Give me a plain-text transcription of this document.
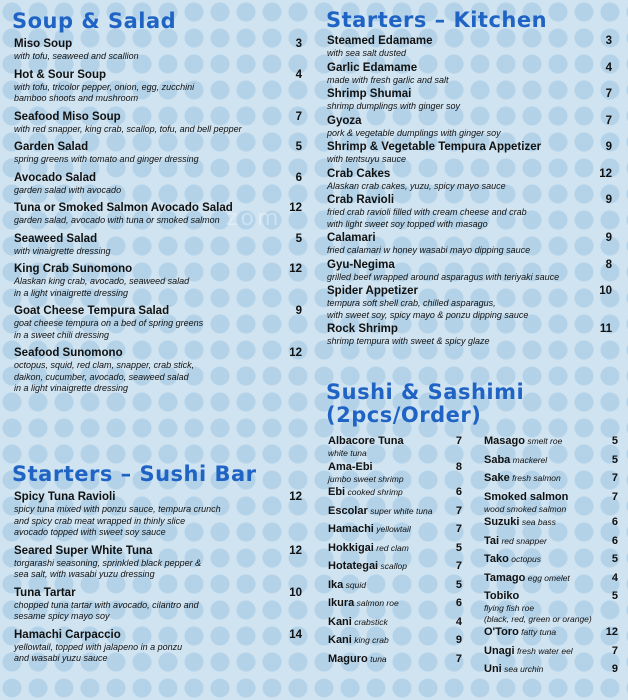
zom
Soup & Salad
Miso Soup	3
with tofu, seaweed and scallion
Hot & Sour Soup	4
with tofu, tricolor pepper, onion, egg, zucchini
bamboo shoots and mushroom
Seafood Miso Soup	7
with red snapper, king crab, scallop, tofu, and bell pepper
Garden Salad	5
spring greens with tomato and ginger dressing
Avocado Salad	6
garden salad with avocado
Tuna or Smoked Salmon Avocado Salad	12
garden salad, avocado with tuna or smoked salmon
Seaweed Salad	5
with vinaigrette dressing
King Crab Sunomono	12
Alaskan king crab, avocado, seaweed salad
in a light vinaigrette dressing
Goat Cheese Tempura Salad	9
goat cheese tempura on a bed of spring greens
in a sweet chili dressing
Seafood Sunomono	12
octopus, squid, red clam, snapper, crab stick,
daikon, cucumber, avocado, seaweed salad
in a light vinaigrette dressing
Starters – Sushi Bar
Spicy Tuna Ravioli	12
spicy tuna mixed with ponzu sauce, tempura crunch
and spicy crab meat wrapped in thinly slice
avocado topped with sweet soy sauce
Seared Super White Tuna	12
torgarashi seasoning, sprinkled black pepper &
sea salt, with wasabi yuzu dressing
Tuna Tartar	10
chopped tuna tartar with avocado, cilantro and
sesame spicy mayo soy
Hamachi Carpaccio	14
yellowtail, topped with jalapeno in a ponzu
and wasabi yuzu sauce
Starters – Kitchen
Steamed Edamame	3
with sea salt dusted
Garlic Edamame	4
made with fresh garlic and salt
Shrimp Shumai	7
shrimp dumplings with ginger soy
Gyoza	7
pork & vegetable dumplings with ginger soy
Shrimp & Vegetable Tempura Appetizer	9
with tentsuyu sauce
Crab Cakes	12
Alaskan crab cakes, yuzu, spicy mayo sauce
Crab Ravioli	9
fried crab ravioli filled with cream cheese and crab
with light sweet soy topped with masago
Calamari	9
fried calamari w honey wasabi mayo dipping sauce
Gyu-Negima	8
grilled beef wrapped around asparagus with teriyaki sauce
Spider Appetizer	10
tempura soft shell crab, chilled asparagus,
with sweet soy, spicy mayo & ponzu dipping sauce
Rock Shrimp	11
shrimp tempura with sweet & spicy glaze
Sushi & Sashimi
(2pcs/Order)
Albacore Tuna	7
white tuna
Ama-Ebi	8
jumbo sweet shrimp
Ebi cooked shrimp	6
Escolar super white tuna	7
Hamachi yellowtail	7
Hokkigai red clam	5
Hotategai scallop	7
Ika squid	5
Ikura salmon roe	6
Kani crabstick	4
Kani king crab	9
Maguro tuna	7
Masago smelt roe	5
Saba mackerel	5
Sake fresh salmon	7
Smoked salmon	7
wood smoked salmon
Suzuki sea bass	6
Tai red snapper	6
Tako octopus	5
Tamago egg omelet	4
Tobiko	5
flying fish roe
(black, red, green or orange)
O'Toro fatty tuna	12
Unagi fresh water eel	7
Uni sea urchin	9
